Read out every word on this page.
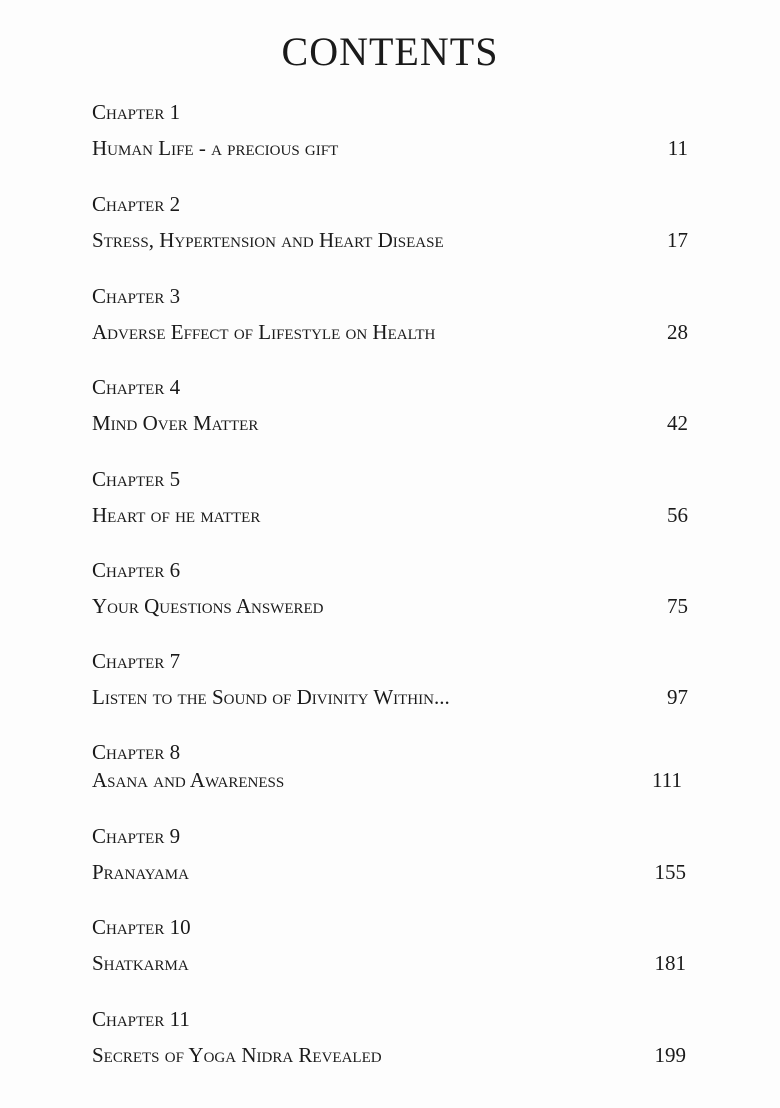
CONTENTS
Chapter 1
Human Life - a precious gift	11
Chapter 2
Stress, Hypertension and Heart Disease	17
Chapter 3
Adverse Effect of Lifestyle on Health	28
Chapter 4
Mind Over Matter	42
Chapter 5
Heart of he matter	56
Chapter 6
Your Questions Answered	75
Chapter 7
Listen to the Sound of Divinity Within...	97
Chapter 8
Asana and Awareness	111
Chapter 9
Pranayama	155
Chapter 10
Shatkarma	181
Chapter 11
Secrets of Yoga Nidra Revealed	199
